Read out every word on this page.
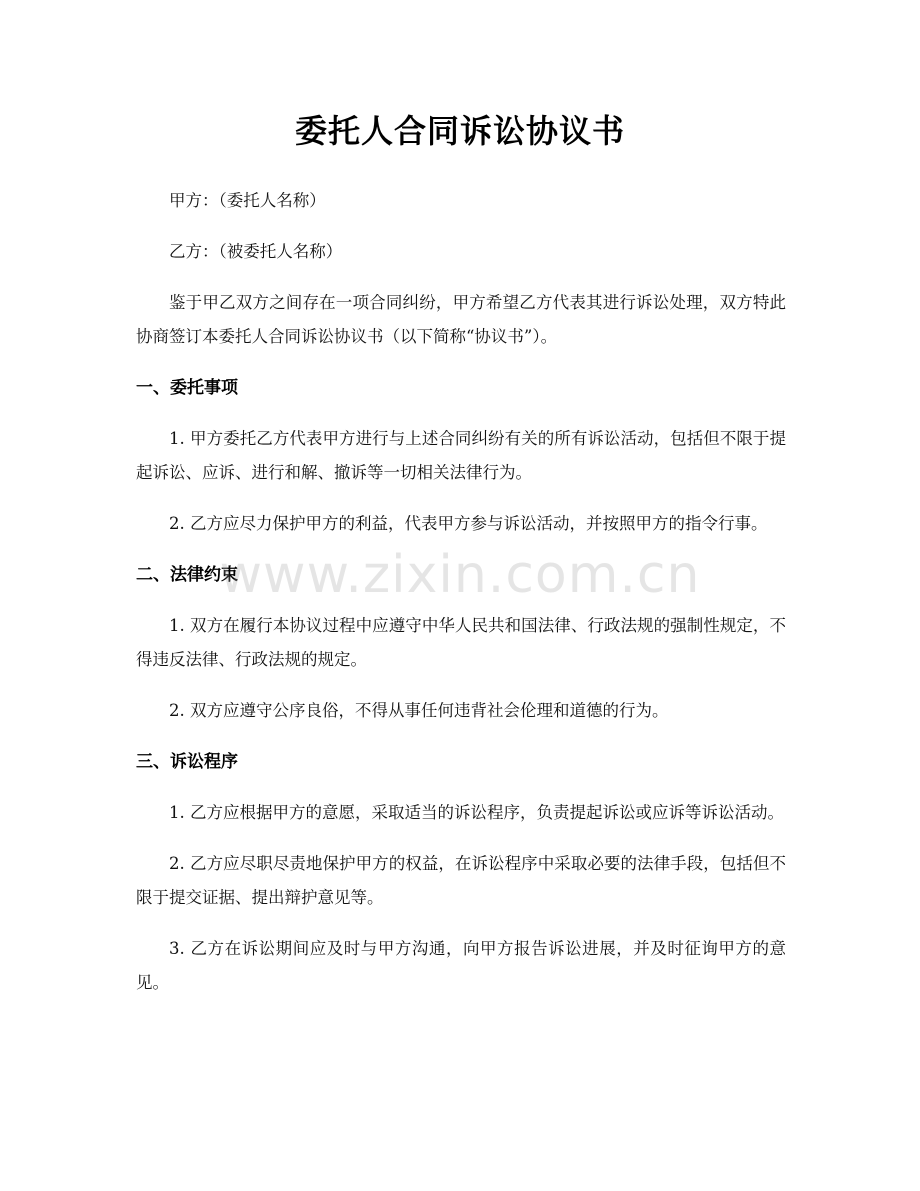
委托人合同诉讼协议书

甲方：（委托人名称）

乙方：（被委托人名称）

鉴于甲乙双方之间存在一项合同纠纷，甲方希望乙方代表其进行诉讼处理，双方特此协商签订本委托人合同诉讼协议书（以下简称“协议书”）。

一、委托事项

1. 甲方委托乙方代表甲方进行与上述合同纠纷有关的所有诉讼活动，包括但不限于提起诉讼、应诉、进行和解、撤诉等一切相关法律行为。

2. 乙方应尽力保护甲方的利益，代表甲方参与诉讼活动，并按照甲方的指令行事。

二、法律约束

1. 双方在履行本协议过程中应遵守中华人民共和国法律、行政法规的强制性规定，不得违反法律、行政法规的规定。

2. 双方应遵守公序良俗，不得从事任何违背社会伦理和道德的行为。

三、诉讼程序

1. 乙方应根据甲方的意愿，采取适当的诉讼程序，负责提起诉讼或应诉等诉讼活动。

2. 乙方应尽职尽责地保护甲方的权益，在诉讼程序中采取必要的法律手段，包括但不限于提交证据、提出辩护意见等。

3. 乙方在诉讼期间应及时与甲方沟通，向甲方报告诉讼进展，并及时征询甲方的意见。

www.zixin.com.cn
